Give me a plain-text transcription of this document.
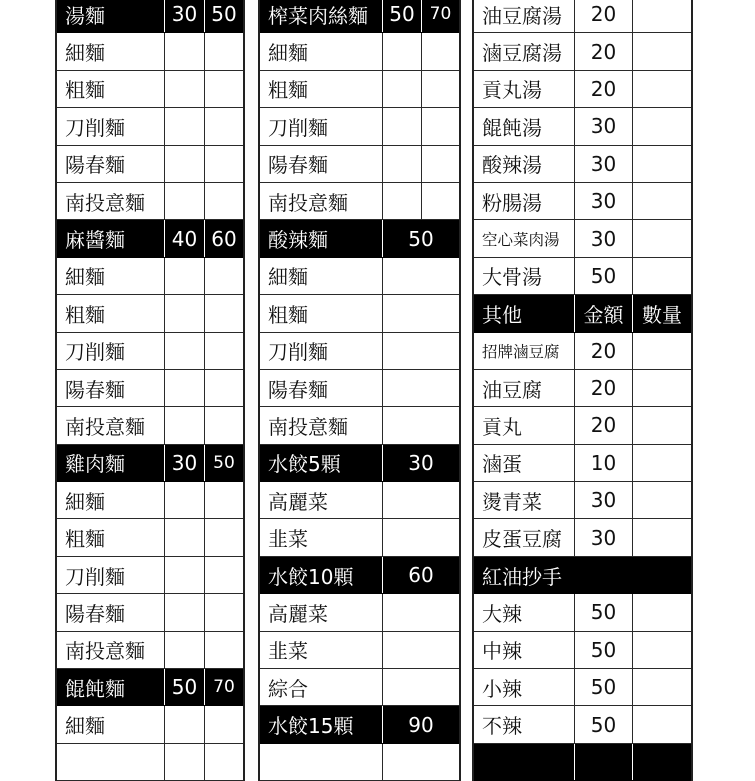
湯麵	30 50
細麵
粗麵
刀削麵
陽春麵
南投意麵
麻醬麵	40 60
細麵
粗麵
刀削麵
陽春麵
南投意麵
雞肉麵	30 50
細麵
粗麵
刀削麵
陽春麵
南投意麵
餛飩麵	50 70
細麵
榨菜肉絲麵	50 70
細麵
粗麵
刀削麵
陽春麵
南投意麵
酸辣麵	50
細麵
粗麵
刀削麵
陽春麵
南投意麵
水餃5顆	30
高麗菜
韭菜
水餃10顆	60
高麗菜
韭菜
綜合
水餃15顆	90
油豆腐湯	20
滷豆腐湯	20
貢丸湯	20
餛飩湯	30
酸辣湯	30
粉腸湯	30
空心菜肉湯	30
大骨湯	50
其他	金額 數量
招牌滷豆腐	20
油豆腐	20
貢丸	20
滷蛋	10
燙青菜	30
皮蛋豆腐	30
紅油抄手
大辣	50
中辣	50
小辣	50
不辣	50
